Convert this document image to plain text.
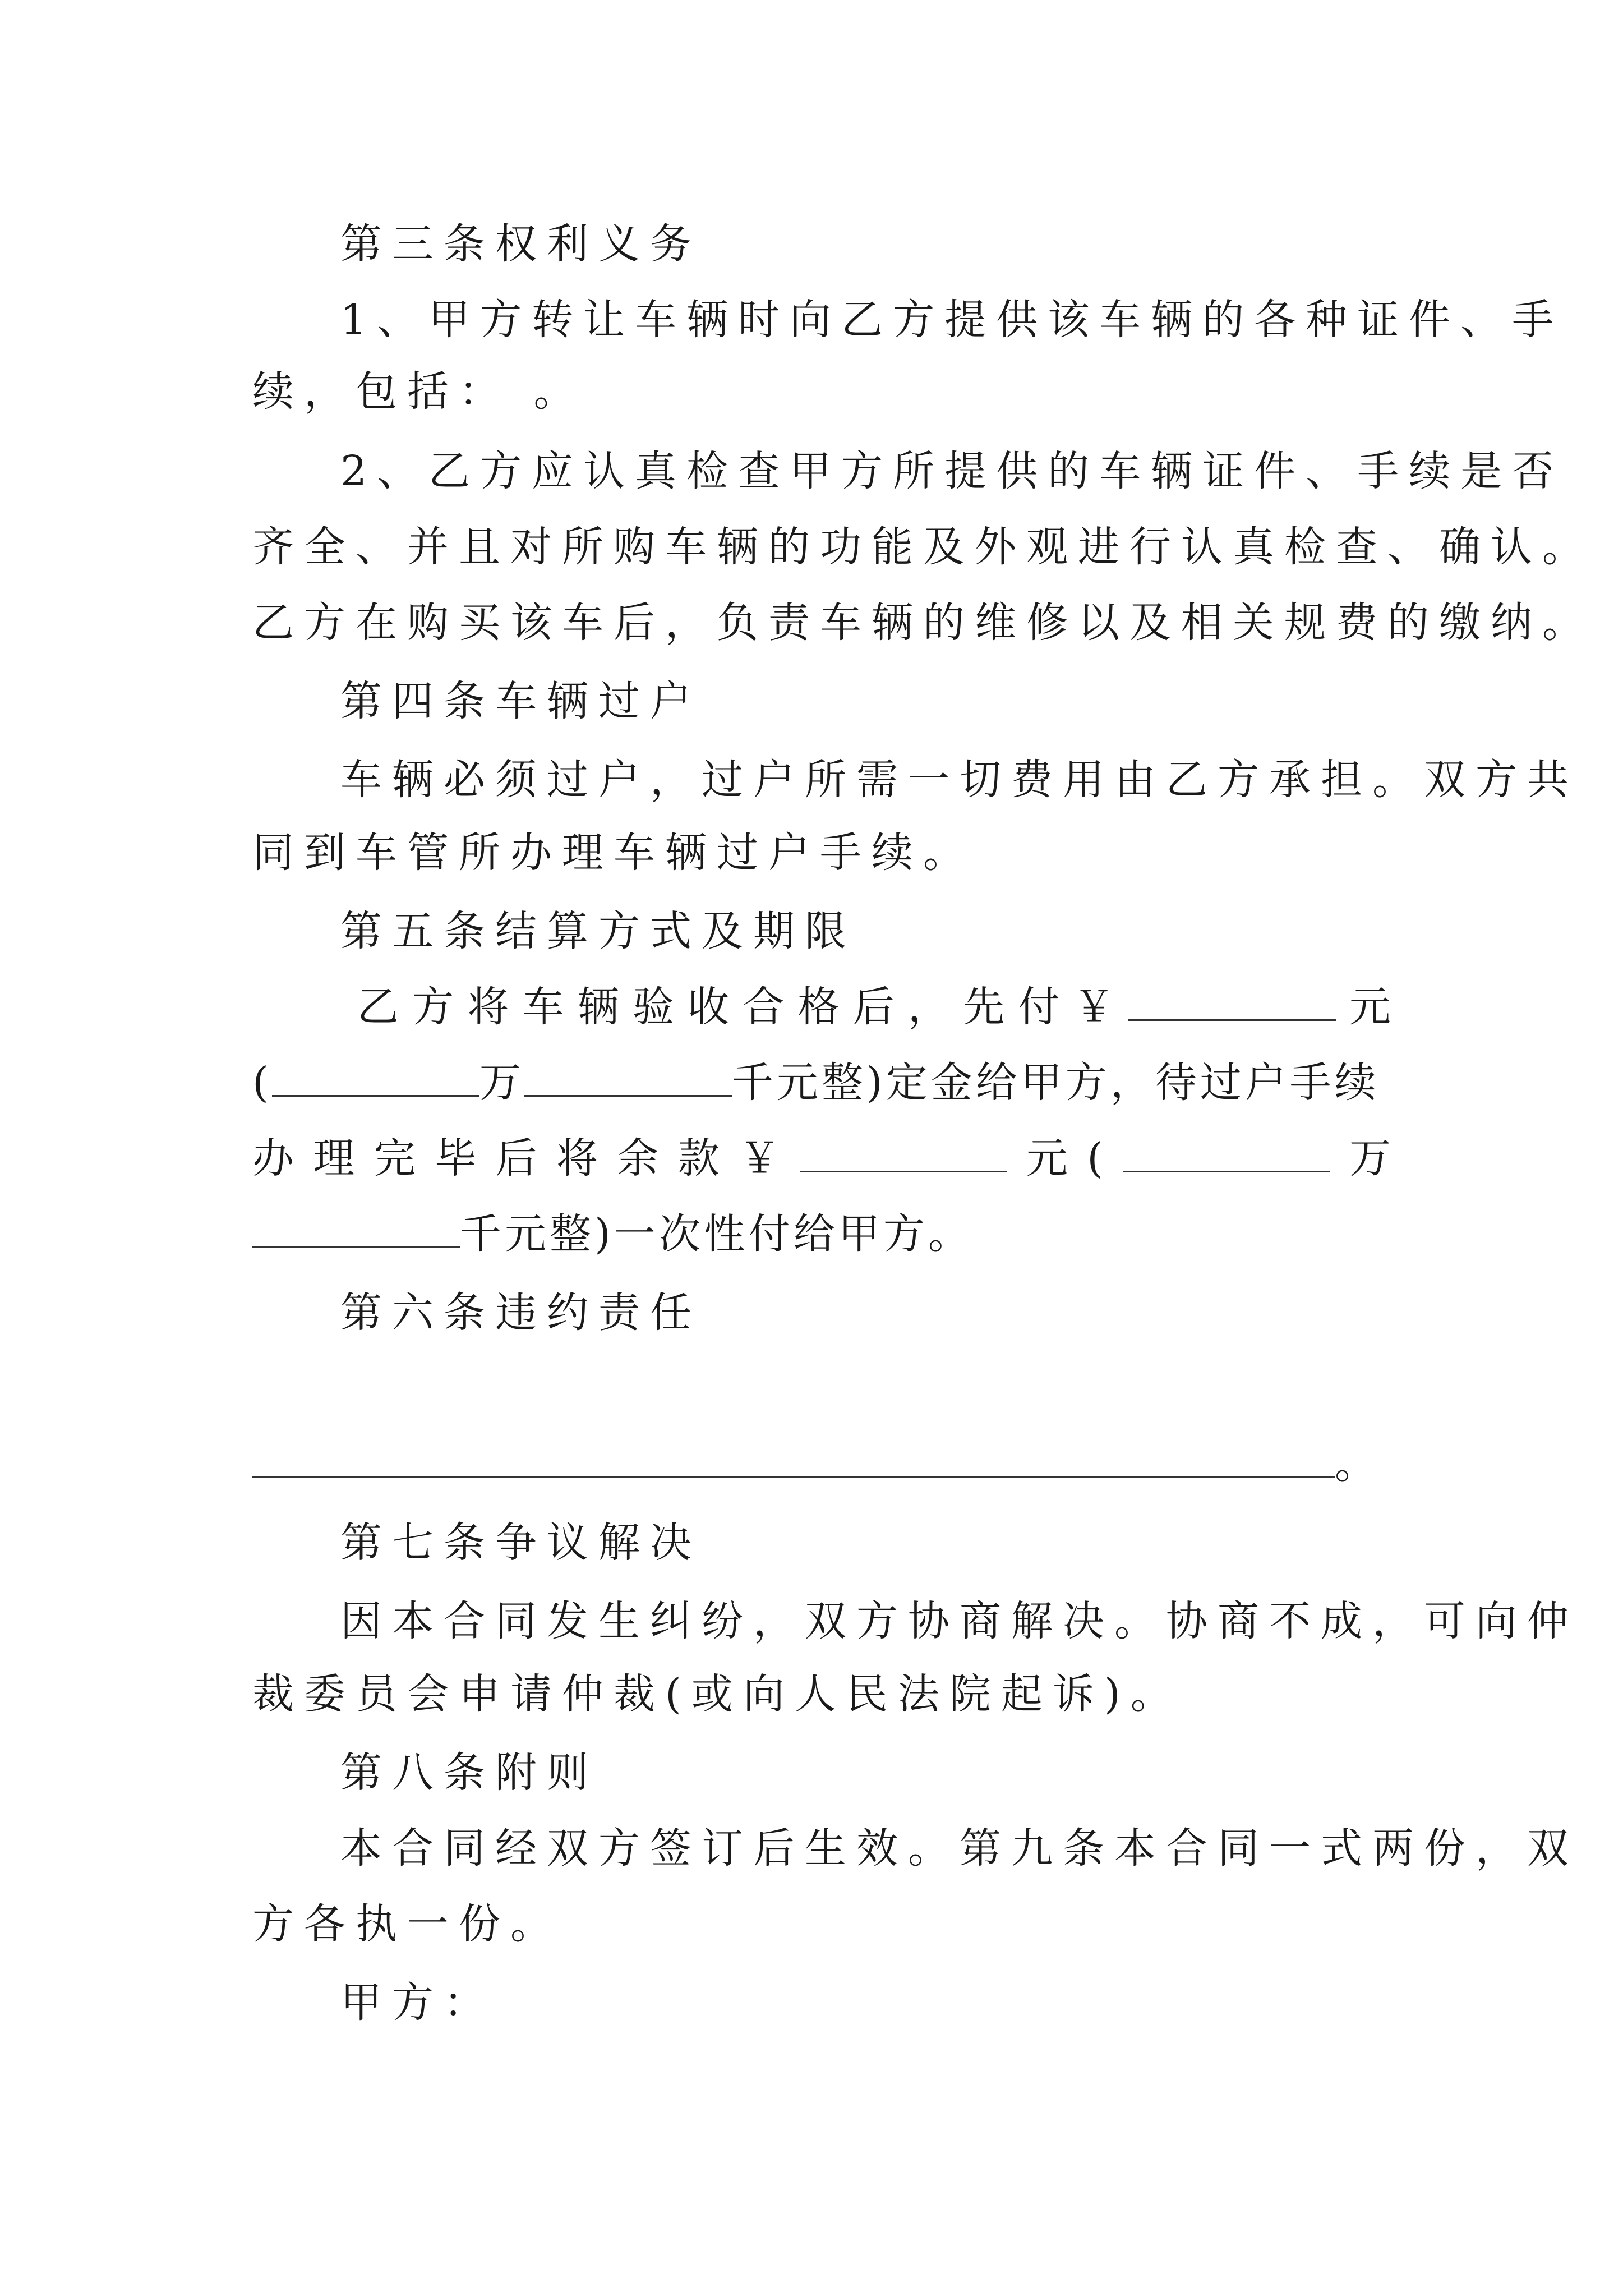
第三条权利义务
1、甲方转让车辆时向乙方提供该车辆的各种证件、手
续，包括： 。
2、乙方应认真检查甲方所提供的车辆证件、手续是否
齐全、并且对所购车辆的功能及外观进行认真检查、确认。
乙方在购买该车后，负责车辆的维修以及相关规费的缴纳。
第四条车辆过户
车辆必须过户，过户所需一切费用由乙方承担。双方共
同到车管所办理车辆过户手续。
第五条结算方式及期限
乙 方 将 车 辆 验 收 合 格 后 ， 先 付 ￥	元
(	万	千元整)定金给甲方，待过户手续
办 理 完 毕 后 将 余 款 ￥	元 (	万
千元整)一次性付给甲方。
第六条违约责任
。
第七条争议解决
因本合同发生纠纷，双方协商解决。协商不成，可向仲
裁委员会申请仲裁(或向人民法院起诉)。
第八条附则
本合同经双方签订后生效。第九条本合同一式两份，双
方各执一份。
甲方：
